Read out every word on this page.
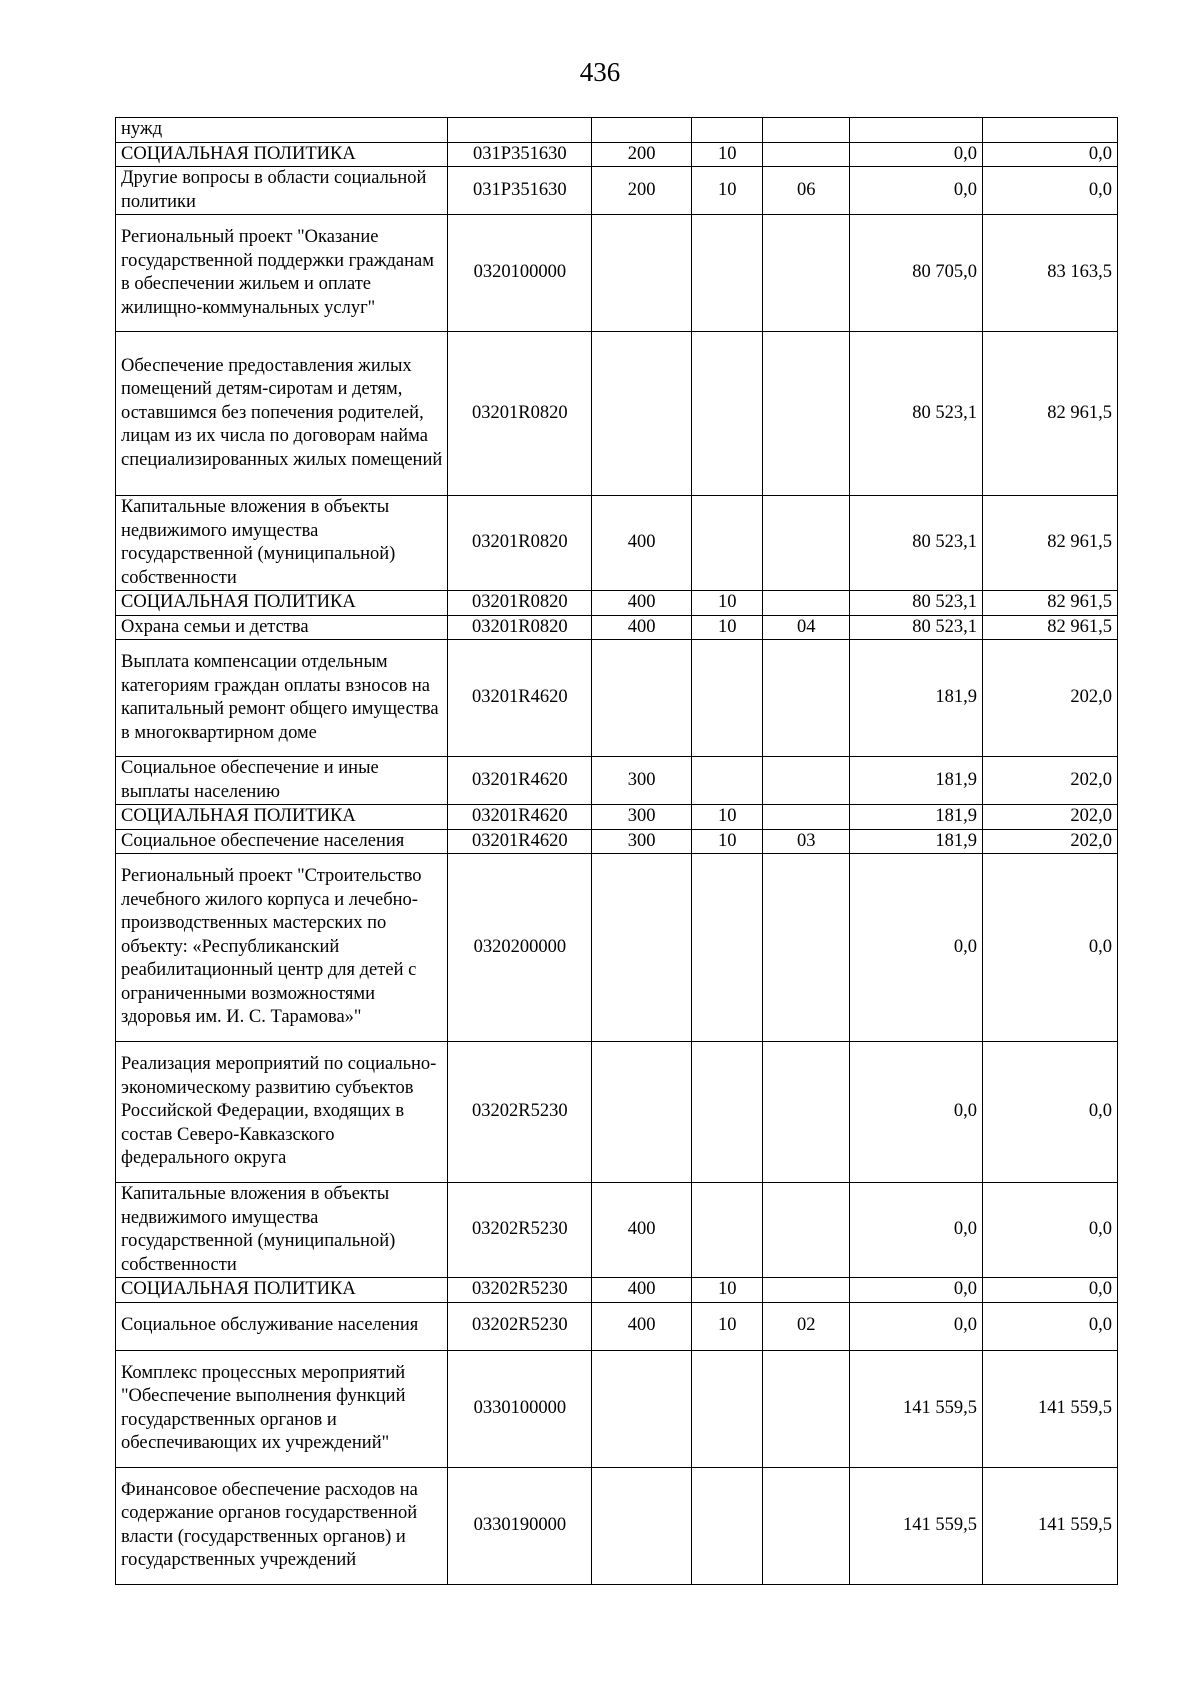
436
нужд						
СОЦИАЛЬНАЯ ПОЛИТИКА	031Р351630	200	10		0,0	0,0
Другие вопросы в области социальной политики	031Р351630	200	10	06	0,0	0,0
Региональный проект "Оказание государственной поддержки гражданам в обеспечении жильем и оплате жилищно-коммунальных услуг"	0320100000				80 705,0	83 163,5
Обеспечение предоставления жилых помещений детям-сиротам и детям, оставшимся без попечения родителей, лицам из их числа по договорам найма специализированных жилых помещений	03201R0820				80 523,1	82 961,5
Капитальные вложения в объекты недвижимого имущества государственной (муниципальной) собственности	03201R0820	400			80 523,1	82 961,5
СОЦИАЛЬНАЯ ПОЛИТИКА	03201R0820	400	10		80 523,1	82 961,5
Охрана семьи и детства	03201R0820	400	10	04	80 523,1	82 961,5
Выплата компенсации отдельным категориям граждан оплаты взносов на капитальный ремонт общего имущества в многоквартирном доме	03201R4620				181,9	202,0
Социальное обеспечение и иные выплаты населению	03201R4620	300			181,9	202,0
СОЦИАЛЬНАЯ ПОЛИТИКА	03201R4620	300	10		181,9	202,0
Социальное обеспечение населения	03201R4620	300	10	03	181,9	202,0
Региональный проект "Строительство лечебного жилого корпуса и лечебно-производственных мастерских по объекту: «Республиканский реабилитационный центр для детей с ограниченными возможностями здоровья им. И. С. Тарамова»"	0320200000				0,0	0,0
Реализация мероприятий по социально-экономическому развитию субъектов Российской Федерации, входящих в состав Северо-Кавказского федерального округа	03202R5230				0,0	0,0
Капитальные вложения в объекты недвижимого имущества государственной (муниципальной) собственности	03202R5230	400			0,0	0,0
СОЦИАЛЬНАЯ ПОЛИТИКА	03202R5230	400	10		0,0	0,0
Социальное обслуживание населения	03202R5230	400	10	02	0,0	0,0
Комплекс процессных мероприятий "Обеспечение выполнения функций государственных органов и обеспечивающих их учреждений"	0330100000				141 559,5	141 559,5
Финансовое обеспечение расходов на содержание органов государственной власти (государственных органов) и государственных учреждений	0330190000				141 559,5	141 559,5
